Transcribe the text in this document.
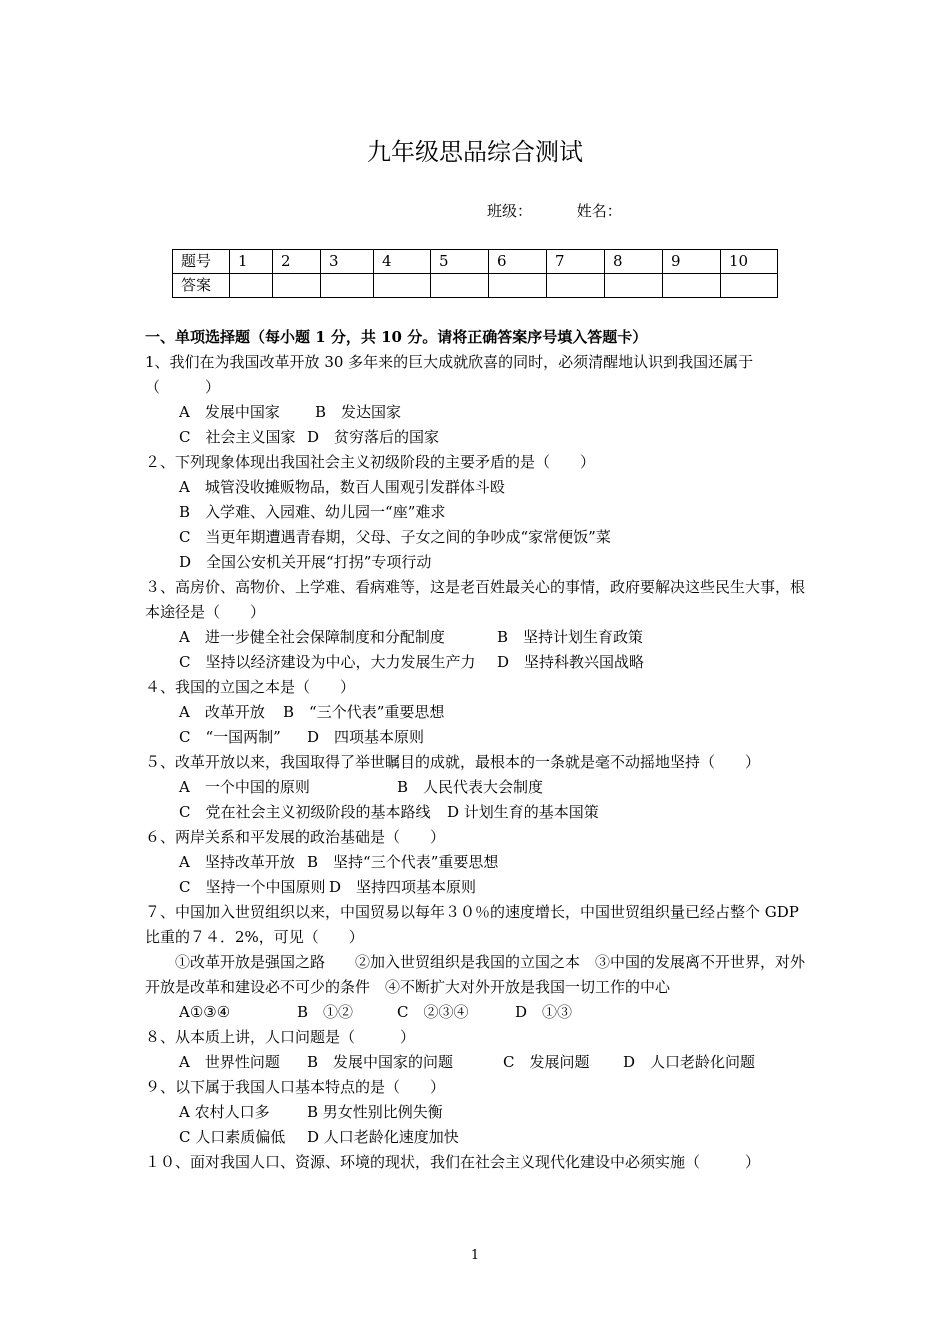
九年级思品综合测试
班级：	姓名：
题号	1	2	3	4	5	6	7	8	9	10
答案										
一、单项选择题（每小题 1 分，共 10 分。请将正确答案序号填入答题卡）
1、我们在为我国改革开放 30 多年来的巨大成就欣喜的同时，必须清醒地认识到我国还属于（　　　）
A　发展中国家 B　发达国家
C　社会主义国家 D　贫穷落后的国家
２、下列现象体现出我国社会主义初级阶段的主要矛盾的是（　　）
A　城管没收摊贩物品，数百人围观引发群体斗殴
B　入学难、入园难、幼儿园一“座”难求
C　当更年期遭遇青春期，父母、子女之间的争吵成“家常便饭”菜
D　全国公安机关开展“打拐”专项行动
３、高房价、高物价、上学难、看病难等，这是老百姓最关心的事情，政府要解决这些民生大事，根本途径是（　　）
A　进一步健全社会保障制度和分配制度	B　坚持计划生育政策
C　坚持以经济建设为中心，大力发展生产力 D　坚持科教兴国战略
４、我国的立国之本是（　　）
A　改革开放 B　“三个代表”重要思想
C　“一国两制” D　四项基本原则
５、改革开放以来，我国取得了举世瞩目的成就，最根本的一条就是毫不动摇地坚持（　　）
A　一个中国的原则	B　人民代表大会制度
C　党在社会主义初级阶段的基本路线 D 计划生育的基本国策
６、两岸关系和平发展的政治基础是（　　）
A　坚持改革开放 B　坚持“三个代表”重要思想
C　坚持一个中国原则 D　坚持四项基本原则
７、中国加入世贸组织以来，中国贸易以每年３０％的速度增长，中国世贸组织量已经占整个 GDP 比重的７４．2%，可见（　　）
　　①改革开放是强国之路　　②加入世贸组织是我国的立国之本　③中国的发展离不开世界，对外开放是改革和建设必不可少的条件　④不断扩大对外开放是我国一切工作的中心
A①③④	B　①②	C　②③④	D　①③
８、从本质上讲，人口问题是（　　　）
A　世界性问题 B　发展中国家的问题	C　发展问题 D　人口老龄化问题
９、以下属于我国人口基本特点的是（　　）
A 农村人口多 B 男女性别比例失衡
C 人口素质偏低 D 人口老龄化速度加快
１０、面对我国人口、资源、环境的现状，我们在社会主义现代化建设中必须实施（　　　）
1
